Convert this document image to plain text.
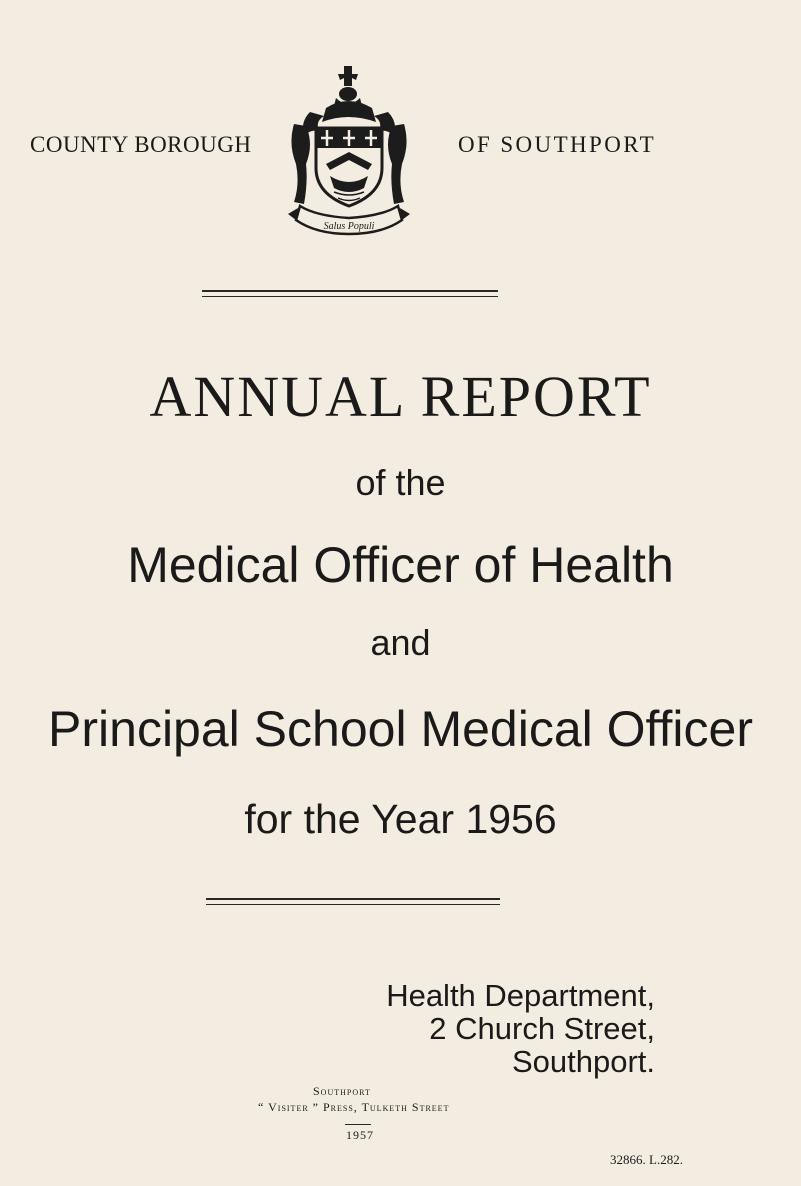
COUNTY BOROUGH
Salus Populi
OF SOUTHPORT
ANNUAL REPORT
of the
Medical Officer of Health
and
Principal School Medical Officer
for the Year 1956
Health Department,
2 Church Street,
Southport.
Southport
“ Visiter ” Press, Tulketh Street
1957
32866. L.282.
